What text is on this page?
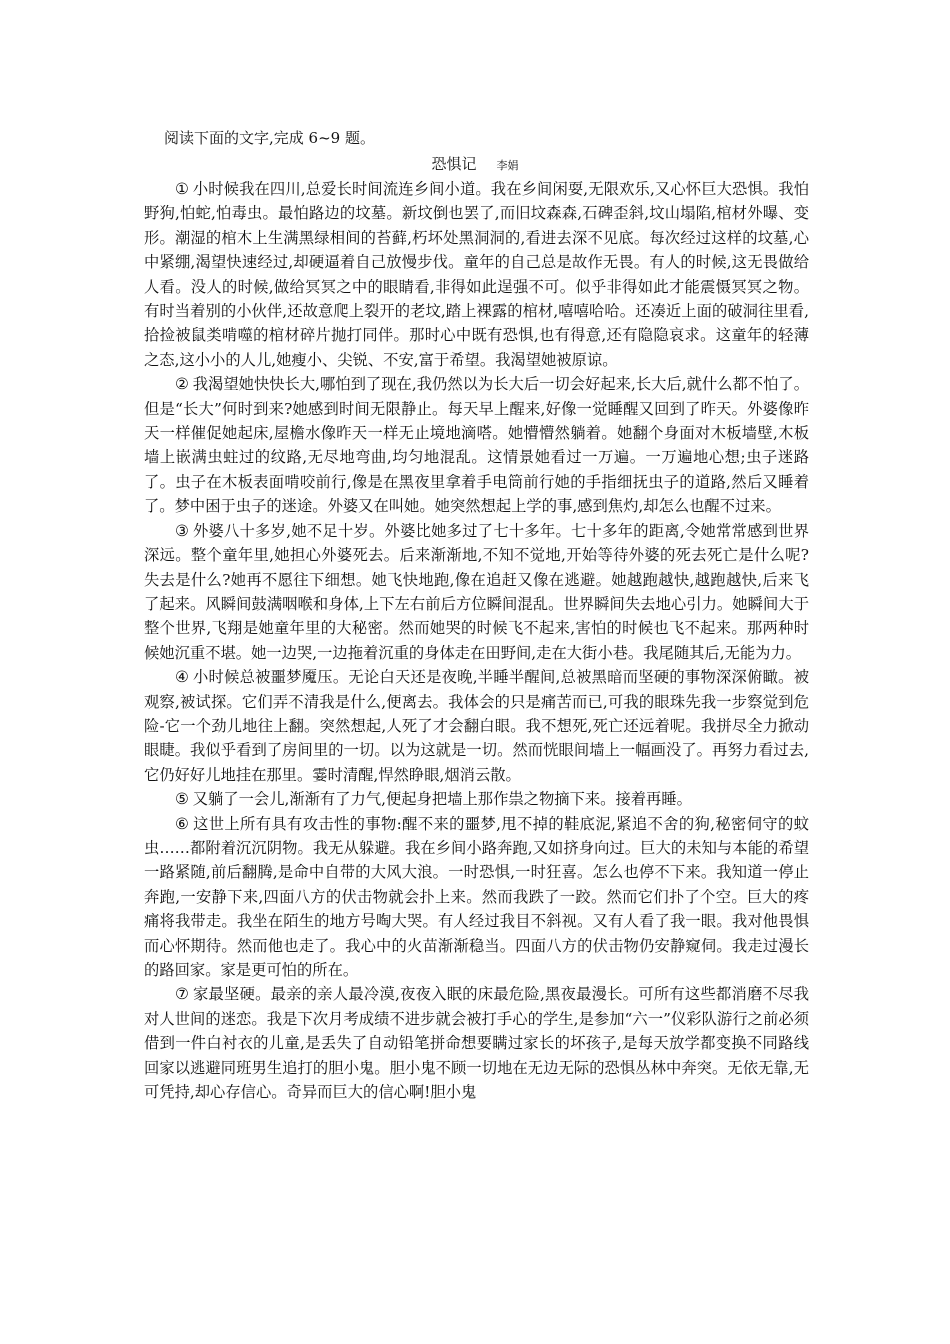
阅读下面的文字,完成 6~9 题。
恐惧记 李娟

① 小时候我在四川,总爱长时间流连乡间小道。我在乡间闲耍,无限欢乐,又心怀巨大恐惧。我怕野狗,怕蛇,怕毒虫。最怕路边的坟墓。新坟倒也罢了,而旧坟森森,石碑歪斜,坟山塌陷,棺材外曝、变形。潮湿的棺木上生满黑绿相间的苔藓,朽坏处黑洞洞的,看进去深不见底。每次经过这样的坟墓,心中紧绷,渴望快速经过,却硬逼着自己放慢步伐。童年的自己总是故作无畏。有人的时候,这无畏做给人看。没人的时候,做给冥冥之中的眼睛看,非得如此逞强不可。似乎非得如此才能震慑冥冥之物。有时当着别的小伙伴,还故意爬上裂开的老坟,踏上裸露的棺材,嘻嘻哈哈。还凑近上面的破洞往里看,拾捡被鼠类啃噬的棺材碎片抛打同伴。那时心中既有恐惧,也有得意,还有隐隐哀求。这童年的轻薄之态,这小小的人儿,她瘦小、尖锐、不安,富于希望。我渴望她被原谅。

② 我渴望她快快长大,哪怕到了现在,我仍然以为长大后一切会好起来,长大后,就什么都不怕了。但是“长大”何时到来?她感到时间无限静止。每天早上醒来,好像一觉睡醒又回到了昨天。外婆像昨天一样催促她起床,屋檐水像昨天一样无止境地滴嗒。她懵懵然躺着。她翻个身面对木板墙壁,木板墙上嵌满虫蛀过的纹路,无尽地弯曲,均匀地混乱。这情景她看过一万遍。一万遍地心想;虫子迷路了。虫子在木板表面啃咬前行,像是在黑夜里拿着手电筒前行她的手指细抚虫子的道路,然后又睡着了。梦中困于虫子的迷途。外婆又在叫她。她突然想起上学的事,感到焦灼,却怎么也醒不过来。

③ 外婆八十多岁,她不足十岁。外婆比她多过了七十多年。七十多年的距离,令她常常感到世界深远。整个童年里,她担心外婆死去。后来渐渐地,不知不觉地,开始等待外婆的死去死亡是什么呢?失去是什么?她再不愿往下细想。她飞快地跑,像在追赶又像在逃避。她越跑越快,越跑越快,后来飞了起来。风瞬间鼓满咽喉和身体,上下左右前后方位瞬间混乱。世界瞬间失去地心引力。她瞬间大于整个世界,飞翔是她童年里的大秘密。然而她哭的时候飞不起来,害怕的时候也飞不起来。那两种时候她沉重不堪。她一边哭,一边拖着沉重的身体走在田野间,走在大街小巷。我尾随其后,无能为力。

④ 小时候总被噩梦魇压。无论白天还是夜晚,半睡半醒间,总被黑暗而坚硬的事物深深俯瞰。被观察,被试探。它们弄不清我是什么,便离去。我体会的只是痛苦而已,可我的眼珠先我一步察觉到危险-它一个劲儿地往上翻。突然想起,人死了才会翻白眼。我不想死,死亡还远着呢。我拼尽全力掀动眼睫。我似乎看到了房间里的一切。以为这就是一切。然而恍眼间墙上一幅画没了。再努力看过去,它仍好好儿地挂在那里。霎时清醒,悍然睁眼,烟消云散。

⑤ 又躺了一会儿,渐渐有了力气,便起身把墙上那作祟之物摘下来。接着再睡。

⑥ 这世上所有具有攻击性的事物:醒不来的噩梦,甩不掉的鞋底泥,紧追不舍的狗,秘密伺守的蚊虫……都附着沉沉阴物。我无从躲避。我在乡间小路奔跑,又如挤身向过。巨大的未知与本能的希望一路紧随,前后翻腾,是命中自带的大风大浪。一时恐惧,一时狂喜。怎么也停不下来。我知道一停止奔跑,一安静下来,四面八方的伏击物就会扑上来。然而我跌了一跤。然而它们扑了个空。巨大的疼痛将我带走。我坐在陌生的地方号啕大哭。有人经过我目不斜视。又有人看了我一眼。我对他畏惧而心怀期待。然而他也走了。我心中的火苗渐渐稳当。四面八方的伏击物仍安静窥伺。我走过漫长的路回家。家是更可怕的所在。

⑦ 家最坚硬。最亲的亲人最冷漠,夜夜入眠的床最危险,黑夜最漫长。可所有这些都消磨不尽我对人世间的迷恋。我是下次月考成绩不进步就会被打手心的学生,是参加“六一”仪彩队游行之前必须借到一件白衬衣的儿童,是丢失了自动铅笔拼命想要瞒过家长的坏孩子,是每天放学都变换不同路线回家以逃避同班男生追打的胆小鬼。胆小鬼不顾一切地在无边无际的恐惧丛林中奔突。无依无靠,无可凭持,却心存信心。奇异而巨大的信心啊!胆小鬼
